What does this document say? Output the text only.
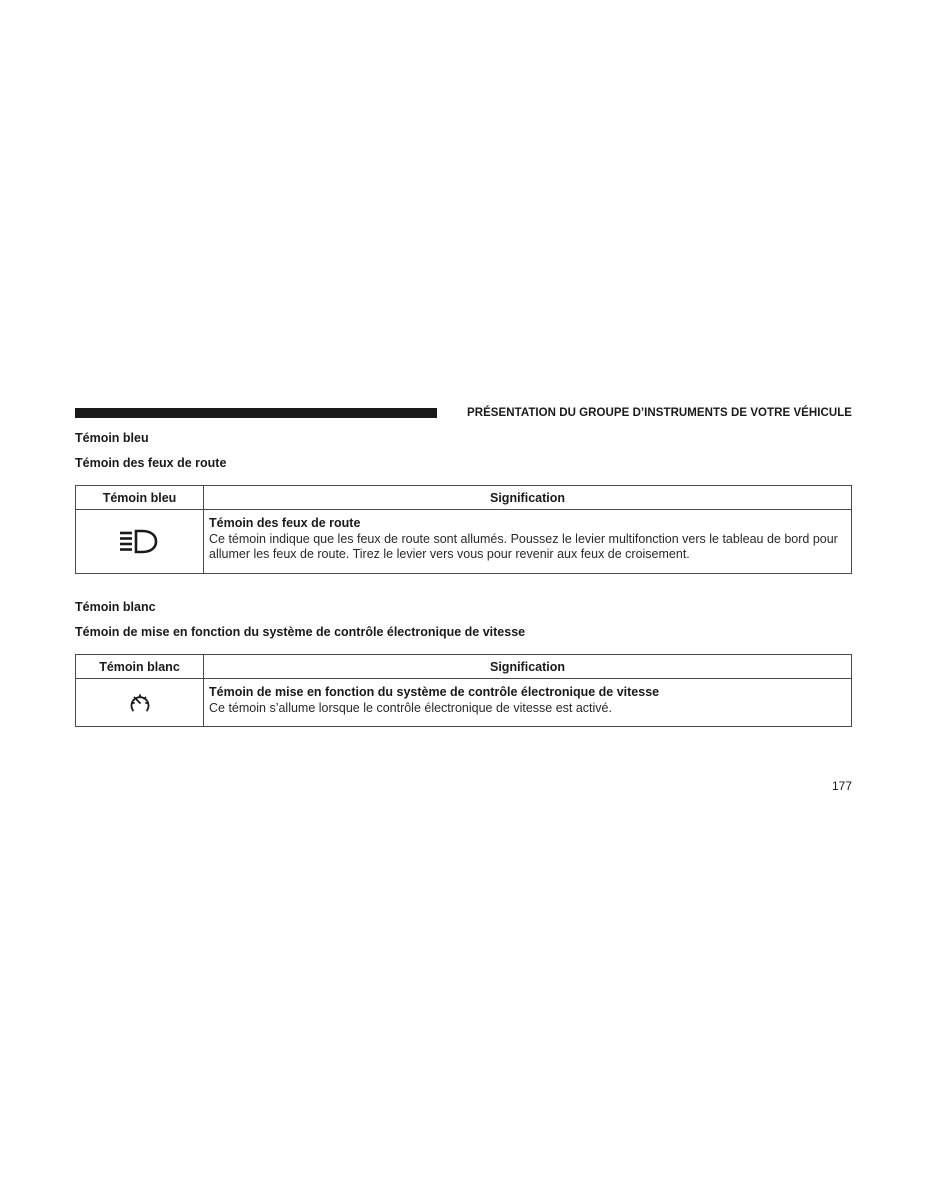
PRÉSENTATION DU GROUPE D’INSTRUMENTS DE VOTRE VÉHICULE

Témoin bleu

Témoin des feux de route

Témoin bleu	Signification

Témoin des feux de route
Ce témoin indique que les feux de route sont allumés. Poussez le levier multifonction vers le tableau de bord pour allumer les feux de route. Tirez le levier vers vous pour revenir aux feux de croisement.

Témoin blanc

Témoin de mise en fonction du système de contrôle électronique de vitesse

Témoin blanc	Signification

Témoin de mise en fonction du système de contrôle électronique de vitesse
Ce témoin s’allume lorsque le contrôle électronique de vitesse est activé.
177
